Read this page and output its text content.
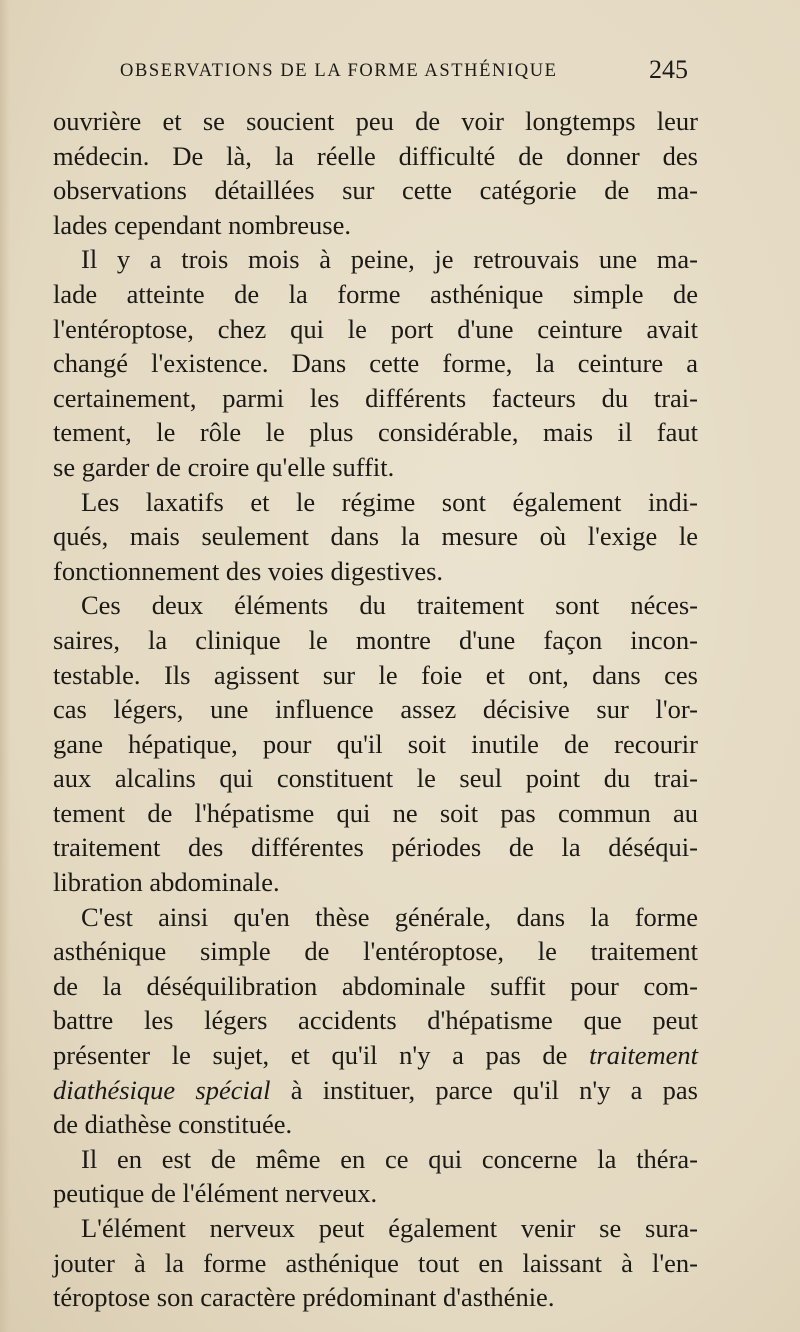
OBSERVATIONS DE LA FORME ASTHÉNIQUE	245
ouvrière et se soucient peu de voir longtemps leur
médecin. De là, la réelle difficulté de donner des
observations détaillées sur cette catégorie de ma-
lades cependant nombreuse.
Il y a trois mois à peine, je retrouvais une ma-
lade atteinte de la forme asthénique simple de
l'entéroptose, chez qui le port d'une ceinture avait
changé l'existence. Dans cette forme, la ceinture a
certainement, parmi les différents facteurs du trai-
tement, le rôle le plus considérable, mais il faut
se garder de croire qu'elle suffit.
Les laxatifs et le régime sont également indi-
qués, mais seulement dans la mesure où l'exige le
fonctionnement des voies digestives.
Ces deux éléments du traitement sont néces-
saires, la clinique le montre d'une façon incon-
testable. Ils agissent sur le foie et ont, dans ces
cas légers, une influence assez décisive sur l'or-
gane hépatique, pour qu'il soit inutile de recourir
aux alcalins qui constituent le seul point du trai-
tement de l'hépatisme qui ne soit pas commun au
traitement des différentes périodes de la déséqui-
libration abdominale.
C'est ainsi qu'en thèse générale, dans la forme
asthénique simple de l'entéroptose, le traitement
de la déséquilibration abdominale suffit pour com-
battre les légers accidents d'hépatisme que peut
présenter le sujet, et qu'il n'y a pas de traitement
diathésique spécial à instituer, parce qu'il n'y a pas
de diathèse constituée.
Il en est de même en ce qui concerne la théra-
peutique de l'élément nerveux.
L'élément nerveux peut également venir se sura-
jouter à la forme asthénique tout en laissant à l'en-
téroptose son caractère prédominant d'asthénie.
